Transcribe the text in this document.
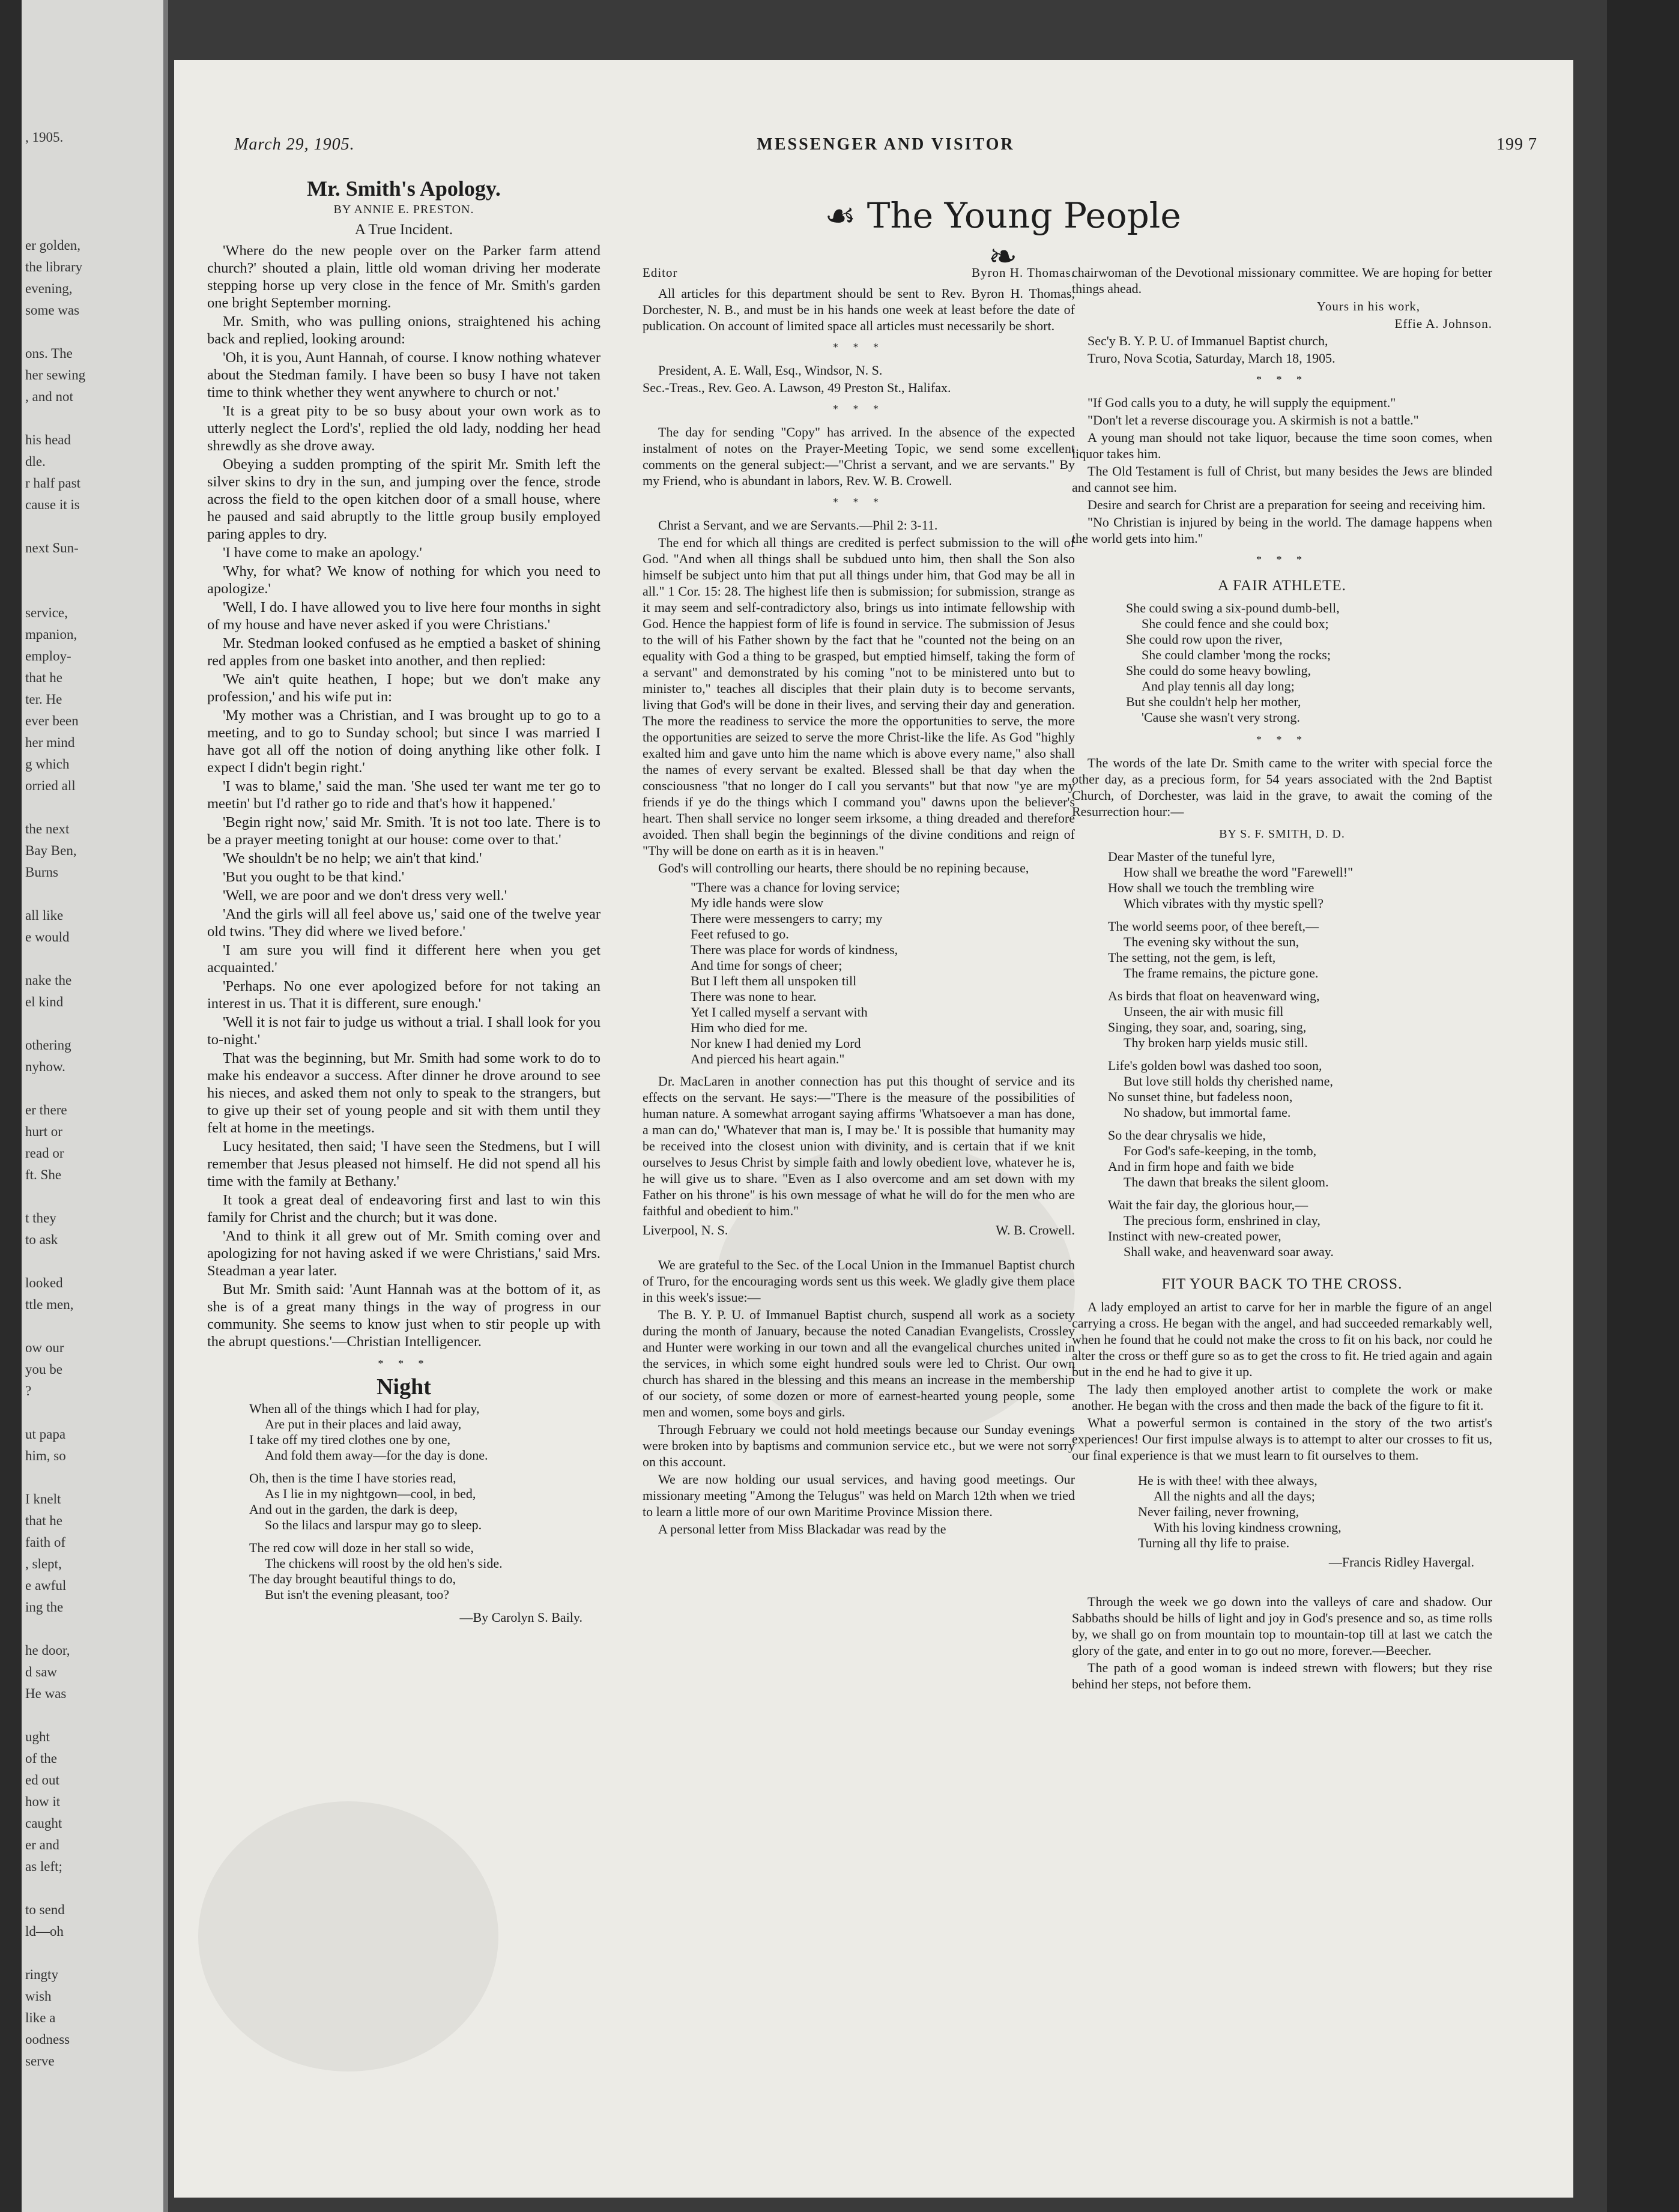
, 1905.
er golden,
the library
evening,
some was
ons. The
her sewing
, and not
his head
dle.
r half past
cause it is
next Sun-
service,
mpanion,
employ-
that he
ter. He
ever been
her mind
g which
orried all
the next
Bay Ben,
Burns
all like
e would
nake the
el kind
othering
nyhow.
er there
hurt or
read or
ft. She
t they
to ask
looked
ttle men,
ow our
you be
?
ut papa
him, so
I knelt
that he
faith of
, slept,
e awful
ing the
he door,
d saw
He was
ught
of the
ed out
how it
caught
er and
as left;
to send
ld—oh
ringty
wish
like a
oodness
serve
March 29, 1905.	MESSENGER AND VISITOR	199 7
☙ The Young People ❧
Mr. Smith's Apology.
BY ANNIE E. PRESTON.
A True Incident.

'Where do the new people over on the Parker farm attend church?' shouted a plain, little old woman driving her moderate stepping horse up very close in the fence of Mr. Smith's garden one bright September morning.

Mr. Smith, who was pulling onions, straightened his aching back and replied, looking around:

'Oh, it is you, Aunt Hannah, of course. I know nothing whatever about the Stedman family. I have been so busy I have not taken time to think whether they went anywhere to church or not.'

'It is a great pity to be so busy about your own work as to utterly neglect the Lord's', replied the old lady, nodding her head shrewdly as she drove away.

Obeying a sudden prompting of the spirit Mr. Smith left the silver skins to dry in the sun, and jumping over the fence, strode across the field to the open kitchen door of a small house, where he paused and said abruptly to the little group busily employed paring apples to dry.

'I have come to make an apology.'

'Why, for what? We know of nothing for which you need to apologize.'

'Well, I do. I have allowed you to live here four months in sight of my house and have never asked if you were Christians.'

Mr. Stedman looked confused as he emptied a basket of shining red apples from one basket into another, and then replied:

'We ain't quite heathen, I hope; but we don't make any profession,' and his wife put in:

'My mother was a Christian, and I was brought up to go to a meeting, and to go to Sunday school; but since I was married I have got all off the notion of doing anything like other folk. I expect I didn't begin right.'

'I was to blame,' said the man. 'She used ter want me ter go to meetin' but I'd rather go to ride and that's how it happened.'

'Begin right now,' said Mr. Smith. 'It is not too late. There is to be a prayer meeting tonight at our house: come over to that.'

'We shouldn't be no help; we ain't that kind.'

'But you ought to be that kind.'

'Well, we are poor and we don't dress very well.'

'And the girls will all feel above us,' said one of the twelve year old twins. 'They did where we lived before.'

'I am sure you will find it different here when you get acquainted.'

'Perhaps. No one ever apologized before for not taking an interest in us. That it is different, sure enough.'

'Well it is not fair to judge us without a trial. I shall look for you to-night.'

That was the beginning, but Mr. Smith had some work to do to make his endeavor a success. After dinner he drove around to see his nieces, and asked them not only to speak to the strangers, but to give up their set of young people and sit with them until they felt at home in the meetings.

Lucy hesitated, then said; 'I have seen the Stedmens, but I will remember that Jesus pleased not himself. He did not spend all his time with the family at Bethany.'

It took a great deal of endeavoring first and last to win this family for Christ and the church; but it was done.

'And to think it all grew out of Mr. Smith coming over and apologizing for not having asked if we were Christians,' said Mrs. Steadman a year later.

But Mr. Smith said: 'Aunt Hannah was at the bottom of it, as she is of a great many things in the way of progress in our community. She seems to know just when to stir people up with the abrupt questions.'—Christian Intelligencer.

* * *
Night
When all of the things which I had for play,
Are put in their places and laid away,
I take off my tired clothes one by one,
And fold them away—for the day is done.
Oh, then is the time I have stories read,
As I lie in my nightgown—cool, in bed,
And out in the garden, the dark is deep,
So the lilacs and larspur may go to sleep.
The red cow will doze in her stall so wide,
The chickens will roost by the old hen's side.
The day brought beautiful things to do,
But isn't the evening pleasant, too?
—By Carolyn S. Baily.
Editor	Byron H. Thomas.

All articles for this department should be sent to Rev. Byron H. Thomas, Dorchester, N. B., and must be in his hands one week at least before the date of publication. On account of limited space all articles must necessarily be short.

* * *

President, A. E. Wall, Esq., Windsor, N. S.

Sec.-Treas., Rev. Geo. A. Lawson, 49 Preston St., Halifax.

* * *

The day for sending "Copy" has arrived. In the absence of the expected instalment of notes on the Prayer-Meeting Topic, we send some excellent comments on the general subject:—"Christ a servant, and we are servants." By my Friend, who is abundant in labors, Rev. W. B. Crowell.

* * *

Christ a Servant, and we are Servants.—Phil 2: 3-11.

The end for which all things are credited is perfect submission to the will of God. "And when all things shall be subdued unto him, then shall the Son also himself be subject unto him that put all things under him, that God may be all in all." 1 Cor. 15: 28. The highest life then is submission; for submission, strange as it may seem and self-contradictory also, brings us into intimate fellowship with God. Hence the happiest form of life is found in service. The submission of Jesus to the will of his Father shown by the fact that he "counted not the being on an equality with God a thing to be grasped, but emptied himself, taking the form of a servant" and demonstrated by his coming "not to be ministered unto but to minister to," teaches all disciples that their plain duty is to become servants, living that God's will be done in their lives, and serving their day and generation. The more the readiness to service the more the opportunities to serve, the more the opportunities are seized to serve the more Christ-like the life. As God "highly exalted him and gave unto him the name which is above every name," also shall the names of every servant be exalted. Blessed shall be that day when the consciousness "that no longer do I call you servants" but that now "ye are my friends if ye do the things which I command you" dawns upon the believer's heart. Then shall service no longer seem irksome, a thing dreaded and therefore avoided. Then shall begin the beginnings of the divine conditions and reign of "Thy will be done on earth as it is in heaven."

God's will controlling our hearts, there should be no repining because,

"There was a chance for loving service;
My idle hands were slow
There were messengers to carry; my
Feet refused to go.
There was place for words of kindness,
And time for songs of cheer;
But I left them all unspoken till
There was none to hear.
Yet I called myself a servant with
Him who died for me.
Nor knew I had denied my Lord
And pierced his heart again."

Dr. MacLaren in another connection has put this thought of service and its effects on the servant. He says:—"There is the measure of the possibilities of human nature. A somewhat arrogant saying affirms 'Whatsoever a man has done, a man can do,' 'Whatever that man is, I may be.' It is possible that humanity may be received into the closest union with divinity, and is certain that if we knit ourselves to Jesus Christ by simple faith and lowly obedient love, whatever he is, he will give us to share. "Even as I also overcome and am set down with my Father on his throne" is his own message of what he will do for the men who are faithful and obedient to him."

Liverpool, N. S.	W. B. Crowell.

We are grateful to the Sec. of the Local Union in the Immanuel Baptist church of Truro, for the encouraging words sent us this week. We gladly give them place in this week's issue:—

The B. Y. P. U. of Immanuel Baptist church, suspend all work as a society during the month of January, because the noted Canadian Evangelists, Crossley and Hunter were working in our town and all the evangelical churches united in the services, in which some eight hundred souls were led to Christ. Our own church has shared in the blessing and this means an increase in the membership of our society, of some dozen or more of earnest-hearted young people, some men and women, some boys and girls.

Through February we could not hold meetings because our Sunday evenings were broken into by baptisms and communion service etc., but we were not sorry on this account.

We are now holding our usual services, and having good meetings. Our missionary meeting "Among the Telugus" was held on March 12th when we tried to learn a little more of our own Maritime Province Mission there.

A personal letter from Miss Blackadar was read by the

chairwoman of the Devotional missionary committee. We are hoping for better things ahead.

Yours in his work,
Effie A. Johnson.

Sec'y B. Y. P. U. of Immanuel Baptist church,

Truro, Nova Scotia, Saturday, March 18, 1905.

* * *

"If God calls you to a duty, he will supply the equipment."

"Don't let a reverse discourage you. A skirmish is not a battle."

A young man should not take liquor, because the time soon comes, when liquor takes him.

The Old Testament is full of Christ, but many besides the Jews are blinded and cannot see him.

Desire and search for Christ are a preparation for seeing and receiving him.

"No Christian is injured by being in the world. The damage happens when the world gets into him."

* * *
A FAIR ATHLETE.
She could swing a six-pound dumb-bell,
She could fence and she could box;
She could row upon the river,
She could clamber 'mong the rocks;
She could do some heavy bowling,
And play tennis all day long;
But she couldn't help her mother,
'Cause she wasn't very strong.
* * *

The words of the late Dr. Smith came to the writer with special force the other day, as a precious form, for 54 years associated with the 2nd Baptist Church, of Dorchester, was laid in the grave, to await the coming of the Resurrection hour:—

BY S. F. SMITH, D. D.
Dear Master of the tuneful lyre,
How shall we breathe the word "Farewell!"
How shall we touch the trembling wire
Which vibrates with thy mystic spell?
The world seems poor, of thee bereft,—
The evening sky without the sun,
The setting, not the gem, is left,
The frame remains, the picture gone.
As birds that float on heavenward wing,
Unseen, the air with music fill
Singing, they soar, and, soaring, sing,
Thy broken harp yields music still.
Life's golden bowl was dashed too soon,
But love still holds thy cherished name,
No sunset thine, but fadeless noon,
No shadow, but immortal fame.
So the dear chrysalis we hide,
For God's safe-keeping, in the tomb,
And in firm hope and faith we bide
The dawn that breaks the silent gloom.
Wait the fair day, the glorious hour,—
The precious form, enshrined in clay,
Instinct with new-created power,
Shall wake, and heavenward soar away.
FIT YOUR BACK TO THE CROSS.

A lady employed an artist to carve for her in marble the figure of an angel carrying a cross. He began with the angel, and had succeeded remarkably well, when he found that he could not make the cross to fit on his back, nor could he alter the cross or theff gure so as to get the cross to fit. He tried again and again but in the end he had to give it up.

The lady then employed another artist to complete the work or make another. He began with the cross and then made the back of the figure to fit it.

What a powerful sermon is contained in the story of the two artist's experiences! Our first impulse always is to attempt to alter our crosses to fit us, our final experience is that we must learn to fit ourselves to them.

He is with thee! with thee always,
All the nights and all the days;
Never failing, never frowning,
With his loving kindness crowning,
Turning all thy life to praise.
—Francis Ridley Havergal.

Through the week we go down into the valleys of care and shadow. Our Sabbaths should be hills of light and joy in God's presence and so, as time rolls by, we shall go on from mountain top to mountain-top till at last we catch the glory of the gate, and enter in to go out no more, forever.—Beecher.

The path of a good woman is indeed strewn with flowers; but they rise behind her steps, not before them.
